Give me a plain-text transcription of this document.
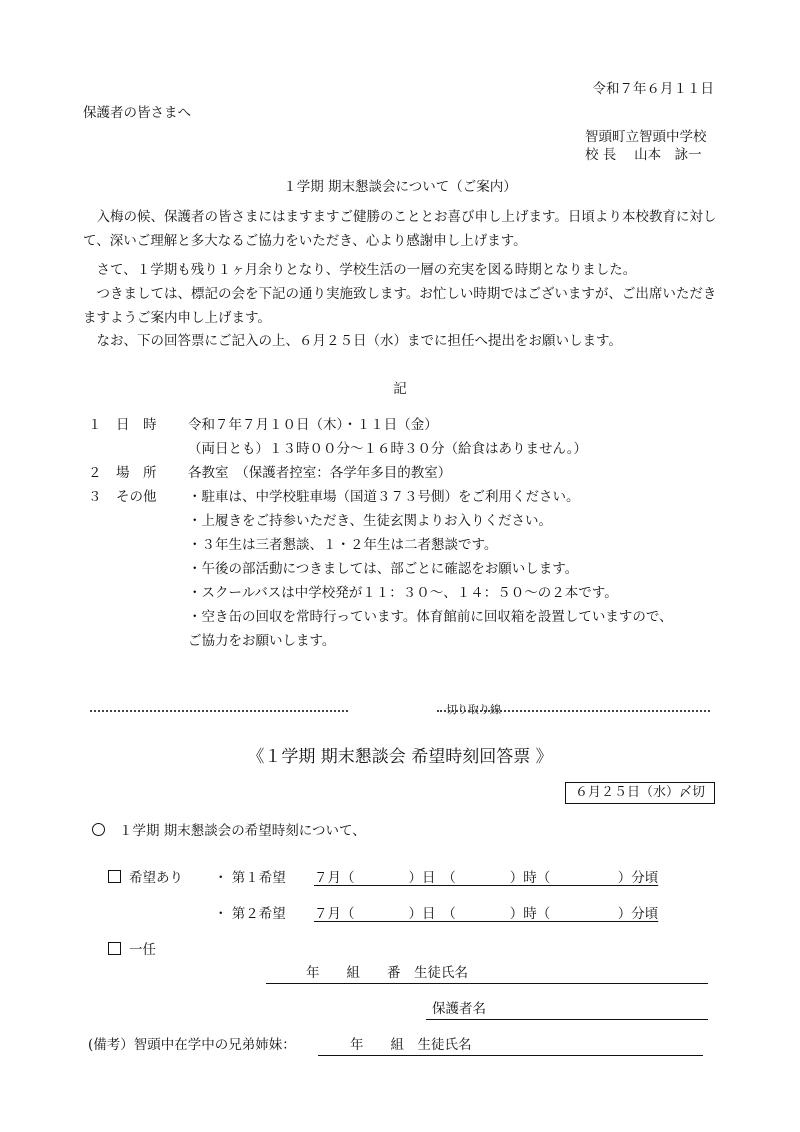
令和７年６月１１日
保護者の皆さまへ
智頭町立智頭中学校
校 長　 山本　詠一
１学期 期末懇談会について（ご案内）
入梅の候、保護者の皆さまにはますますご健勝のこととお喜び申し上げます。日頃より本校教育に対して、深いご理解と多大なるご協力をいただき、心より感謝申し上げます。
さて、１学期も残り１ヶ月余りとなり、学校生活の一層の充実を図る時期となりました。
つきましては、標記の会を下記の通り実施致します。お忙しい時期ではございますが、ご出席いただきますようご案内申し上げます。
なお、下の回答票にご記入の上、６月２５日（水）までに担任へ提出をお願いします。
記
１ 日　時 令和７年７月１０日（木）・１１日（金）
（両日とも）１３時００分～１６時３０分（給食はありません。）
２ 場　所 各教室　（保護者控室：各学年多目的教室）
３ その他 ・駐車は、中学校駐車場（国道３７３号側）をご利用ください。
・上履きをご持参いただき、生徒玄関よりお入りください。
・３年生は三者懇談、１・２年生は二者懇談です。
・午後の部活動につきましては、部ごとに確認をお願いします。
・スクールバスは中学校発が１１：３０～、１４：５０～の２本です。
・空き缶の回収を常時行っています。体育館前に回収箱を設置していますので、
ご協力をお願いします。
切り取り線
《１学期 期末懇談会 希望時刻回答票 》
６月２５日（水）〆切
１学期 期末懇談会の希望時刻について、
希望あり ・ 第１希望 ７月（　　　　）日　（　　　　）時（　　　　　）分頃
・ 第２希望 ７月（　　　　）日　（　　　　）時（　　　　　）分頃
一任
年　　組　　番　生徒氏名
保護者名
(備考）智頭中在学中の兄弟姉妹：	年　　組　生徒氏名
